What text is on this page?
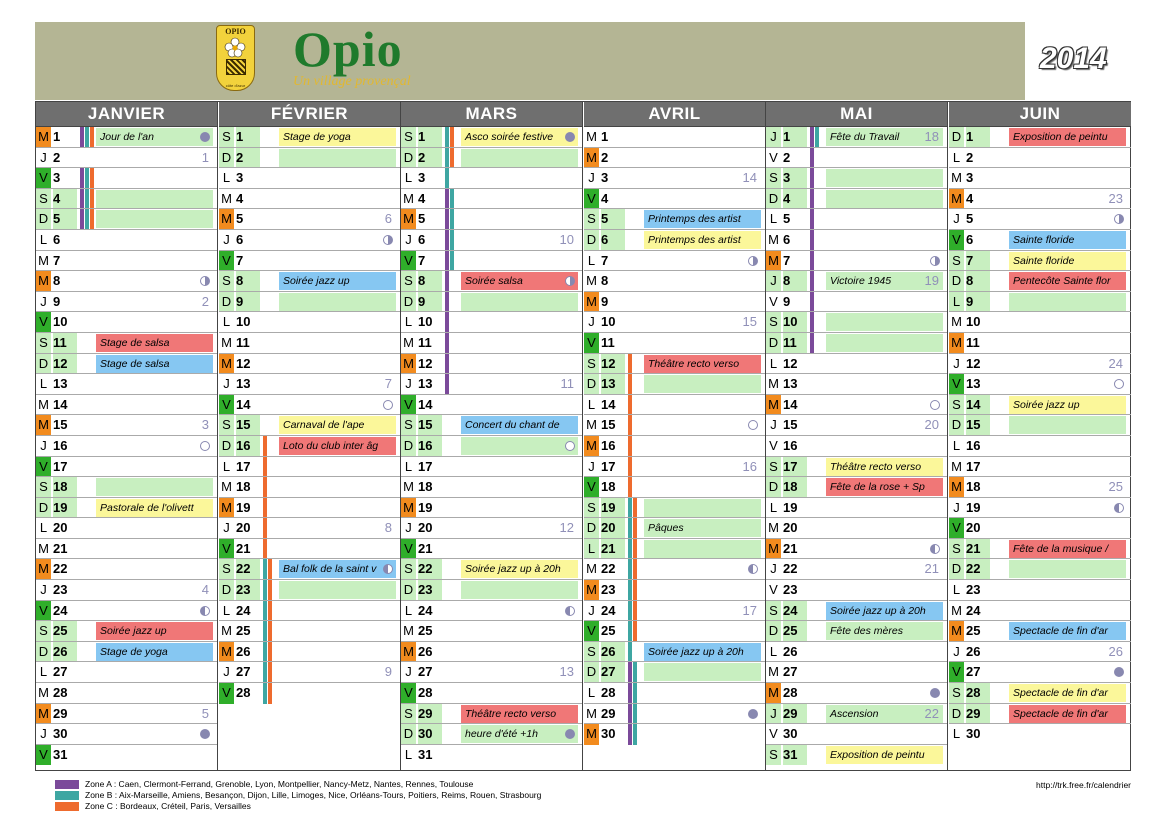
OPIO
côte d'azur
Opio
Un village provençal
2014
JANVIER
M 1	Jour de l'an
J 2	1
V 3
S 4
D 5
L 6
M 7
M 8
J 9	2
V 10
S 11	Stage de salsa
D 12	Stage de salsa
L 13
M 14
M 15	3
J 16
V 17
S 18
D 19	Pastorale de l'olivett
L 20
M 21
M 22
J 23	4
V 24
S 25	Soirée jazz up
D 26	Stage de yoga
L 27
M 28
M 29	5
J 30
V 31
FÉVRIER
S 1	Stage de yoga
D 2
L 3
M 4
M 5	6
J 6
V 7
S 8	Soirée jazz up
D 9
L 10
M 11
M 12
J 13	7
V 14
S 15	Carnaval de l'ape
D 16	Loto du club inter âg
L 17
M 18
M 19
J 20	8
V 21
S 22	Bal folk de la saint v
D 23
L 24
M 25
M 26
J 27	9
V 28
MARS
S 1	Asco soirée festive
D 2
L 3
M 4
M 5
J 6	10
V 7
S 8	Soirée salsa
D 9
L 10
M 11
M 12
J 13	11
V 14
S 15	Concert du chant de
D 16
L 17
M 18
M 19
J 20	12
V 21
S 22	Soirée jazz up à 20h
D 23
L 24
M 25
M 26
J 27	13
V 28
S 29	Théâtre recto verso
D 30	heure d'été +1h
L 31
AVRIL
M 1
M 2
J 3	14
V 4
S 5	Printemps des artist
D 6	Printemps des artist
L 7
M 8
M 9
J 10	15
V 11
S 12	Théâtre recto verso
D 13
L 14
M 15
M 16
J 17	16
V 18
S 19
D 20	Pâques
L 21
M 22
M 23
J 24	17
V 25
S 26	Soirée jazz up à 20h
D 27
L 28
M 29
M 30
MAI
J 1	Fête du Travail	18
V 2
S 3
D 4
L 5
M 6
M 7
J 8	Victoire 1945	19
V 9
S 10
D 11
L 12
M 13
M 14
J 15	20
V 16
S 17	Théâtre recto verso
D 18	Fête de la rose + Sp
L 19
M 20
M 21
J 22	21
V 23
S 24	Soirée jazz up à 20h
D 25	Fête des mères
L 26
M 27
M 28
J 29	Ascension	22
V 30
S 31	Exposition de peintu
JUIN
D 1	Exposition de peintu
L 2
M 3
M 4	23
J 5
V 6	Sainte floride
S 7	Sainte floride
D 8	Pentecôte Sainte flor
L 9
M 10
M 11
J 12	24
V 13
S 14	Soirée jazz up
D 15
L 16
M 17
M 18	25
J 19
V 20
S 21	Fête de la musique /
D 22
L 23
M 24
M 25	Spectacle de fin d'ar
J 26	26
V 27
S 28	Spectacle de fin d'ar
D 29	Spectacle de fin d'ar
L 30
Zone A : Caen, Clermont-Ferrand, Grenoble, Lyon, Montpellier, Nancy-Metz, Nantes, Rennes, Toulouse
Zone B : Aix-Marseille, Amiens, Besançon, Dijon, Lille, Limoges, Nice, Orléans-Tours, Poitiers, Reims, Rouen, Strasbourg
Zone C : Bordeaux, Créteil, Paris, Versailles
http://trk.free.fr/calendrier
